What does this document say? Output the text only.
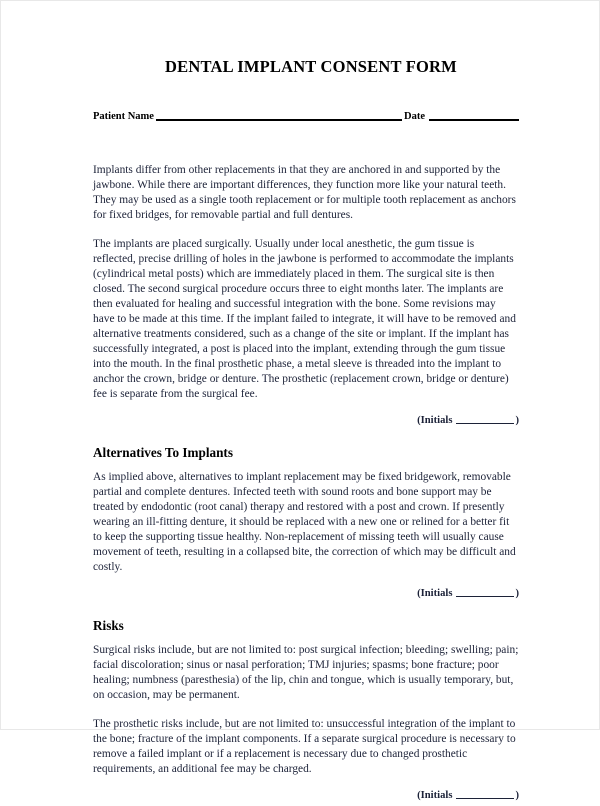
DENTAL IMPLANT CONSENT FORM
Patient Name	Date

Implants differ from other replacements in that they are anchored in and supported by the jawbone. While there are important differences, they function more like your natural teeth. They may be used as a single tooth replacement or for multiple tooth replacement as anchors for fixed bridges, for removable partial and full dentures.

The implants are placed surgically. Usually under local anesthetic, the gum tissue is reflected, precise drilling of holes in the jawbone is performed to accommodate the implants (cylindrical metal posts) which are immediately placed in them. The surgical site is then closed. The second surgical procedure occurs three to eight months later. The implants are then evaluated for healing and successful integration with the bone. Some revisions may have to be made at this time. If the implant failed to integrate, it will have to be removed and alternative treatments considered, such as a change of the site or implant. If the implant has successfully integrated, a post is placed into the implant, extending through the gum tissue into the mouth. In the final prosthetic phase, a metal sleeve is threaded into the implant to anchor the crown, bridge or denture. The prosthetic (replacement crown, bridge or denture) fee is separate from the surgical fee.

(Initials	)
Alternatives To Implants

As implied above, alternatives to implant replacement may be fixed bridgework, removable partial and complete dentures. Infected teeth with sound roots and bone support may be treated by endodontic (root canal) therapy and restored with a post and crown. If presently wearing an ill-fitting denture, it should be replaced with a new one or relined for a better fit to keep the supporting tissue healthy. Non-replacement of missing teeth will usually cause movement of teeth, resulting in a collapsed bite, the correction of which may be difficult and costly.

(Initials	)
Risks

Surgical risks include, but are not limited to: post surgical infection; bleeding; swelling; pain; facial discoloration; sinus or nasal perforation; TMJ injuries; spasms; bone fracture; poor healing; numbness (paresthesia) of the lip, chin and tongue, which is usually temporary, but, on occasion, may be permanent.

The prosthetic risks include, but are not limited to: unsuccessful integration of the implant to the bone; fracture of the implant components. If a separate surgical procedure is necessary to remove a failed implant or if a replacement is necessary due to changed prosthetic requirements, an additional fee may be charged.

(Initials	)
